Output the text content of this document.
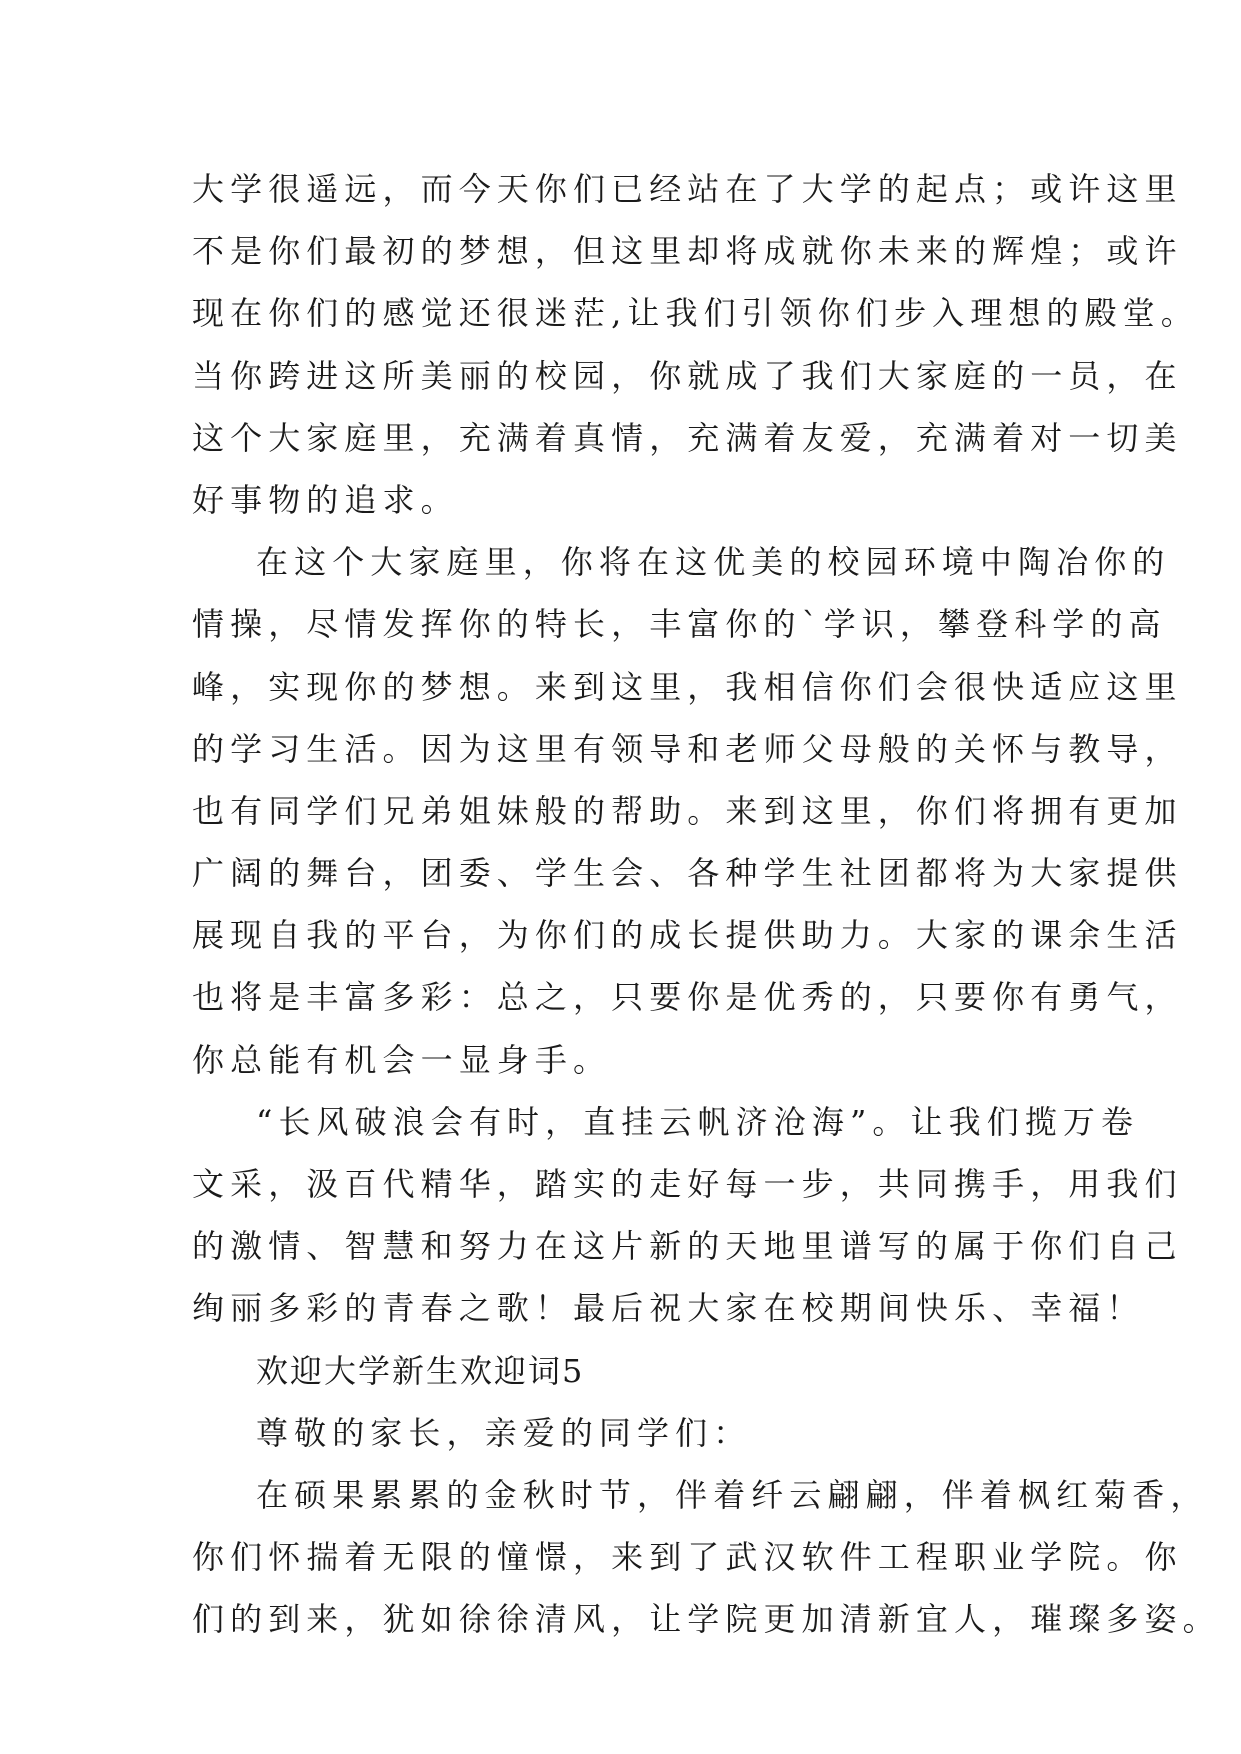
大学很遥远，而今天你们已经站在了大学的起点；或许这里
不是你们最初的梦想，但这里却将成就你未来的辉煌；或许
现在你们的感觉还很迷茫,让我们引领你们步入理想的殿堂。
当你跨进这所美丽的校园，你就成了我们大家庭的一员，在
这个大家庭里，充满着真情，充满着友爱，充满着对一切美
好事物的追求。
在这个大家庭里，你将在这优美的校园环境中陶冶你的
情操，尽情发挥你的特长，丰富你的`学识，攀登科学的高
峰，实现你的梦想。来到这里，我相信你们会很快适应这里
的学习生活。因为这里有领导和老师父母般的关怀与教导，
也有同学们兄弟姐妹般的帮助。来到这里，你们将拥有更加
广阔的舞台，团委、学生会、各种学生社团都将为大家提供
展现自我的平台，为你们的成长提供助力。大家的课余生活
也将是丰富多彩：总之，只要你是优秀的，只要你有勇气，
你总能有机会一显身手。
“长风破浪会有时，直挂云帆济沧海”。让我们揽万卷
文采，汲百代精华，踏实的走好每一步，共同携手，用我们
的激情、智慧和努力在这片新的天地里谱写的属于你们自己
绚丽多彩的青春之歌！最后祝大家在校期间快乐、幸福！
欢迎大学新生欢迎词5
尊敬的家长，亲爱的同学们：
在硕果累累的金秋时节，伴着纤云翩翩，伴着枫红菊香，
你们怀揣着无限的憧憬，来到了武汉软件工程职业学院。你
们的到来，犹如徐徐清风，让学院更加清新宜人，璀璨多姿。
